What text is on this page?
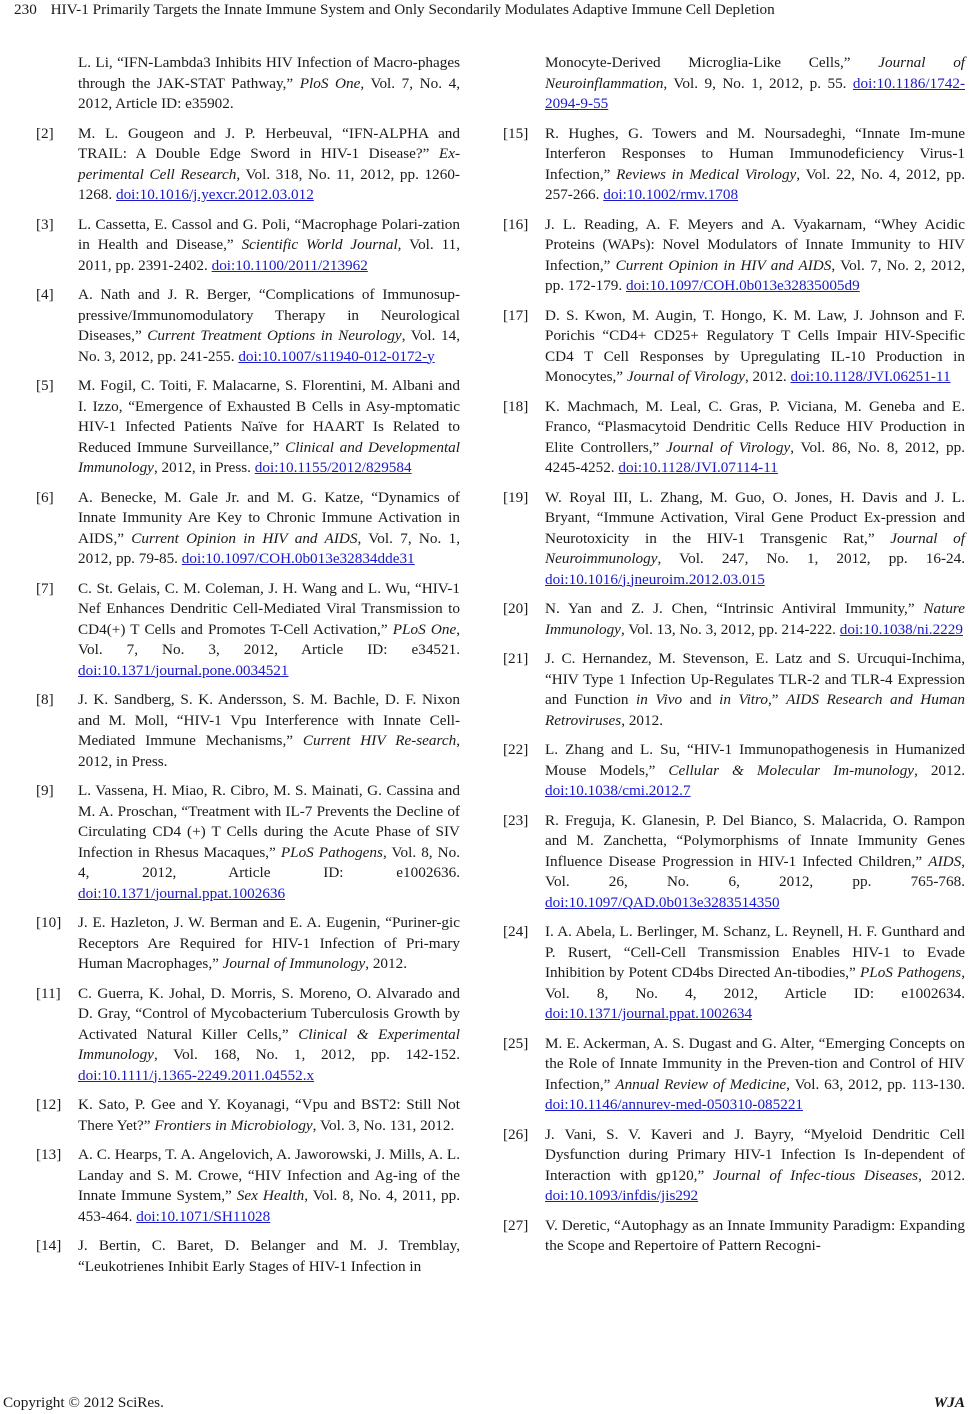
230 HIV-1 Primarily Targets the Innate Immune System and Only Secondarily Modulates Adaptive Immune Cell Depletion
L. Li, “IFN-Lambda3 Inhibits HIV Infection of Macro-phages through the JAK-STAT Pathway,” PloS One, Vol. 7, No. 4, 2012, Article ID: e35902.
[2]	M. L. Gougeon and J. P. Herbeuval, “IFN-ALPHA and TRAIL: A Double Edge Sword in HIV-1 Disease?” Ex-perimental Cell Research, Vol. 318, No. 11, 2012, pp. 1260-1268. doi:10.1016/j.yexcr.2012.03.012
[3]	L. Cassetta, E. Cassol and G. Poli, “Macrophage Polari-zation in Health and Disease,” Scientific World Journal, Vol. 11, 2011, pp. 2391-2402. doi:10.1100/2011/213962
[4]	A. Nath and J. R. Berger, “Complications of Immunosup-pressive/Immunomodulatory Therapy in Neurological Diseases,” Current Treatment Options in Neurology, Vol. 14, No. 3, 2012, pp. 241-255. doi:10.1007/s11940-012-0172-y
[5]	M. Fogil, C. Toiti, F. Malacarne, S. Florentini, M. Albani and I. Izzo, “Emergence of Exhausted B Cells in Asy-mptomatic HIV-1 Infected Patients Naïve for HAART Is Related to Reduced Immune Surveillance,” Clinical and Developmental Immunology, 2012, in Press. doi:10.1155/2012/829584
[6]	A. Benecke, M. Gale Jr. and M. G. Katze, “Dynamics of Innate Immunity Are Key to Chronic Immune Activation in AIDS,” Current Opinion in HIV and AIDS, Vol. 7, No. 1, 2012, pp. 79-85. doi:10.1097/COH.0b013e32834dde31
[7]	C. St. Gelais, C. M. Coleman, J. H. Wang and L. Wu, “HIV-1 Nef Enhances Dendritic Cell-Mediated Viral Transmission to CD4(+) T Cells and Promotes T-Cell Activation,” PLoS One, Vol. 7, No. 3, 2012, Article ID: e34521. doi:10.1371/journal.pone.0034521
[8]	J. K. Sandberg, S. K. Andersson, S. M. Bachle, D. F. Nixon and M. Moll, “HIV-1 Vpu Interference with Innate Cell-Mediated Immune Mechanisms,” Current HIV Re-search, 2012, in Press.
[9]	L. Vassena, H. Miao, R. Cibro, M. S. Mainati, G. Cassina and M. A. Proschan, “Treatment with IL-7 Prevents the Decline of Circulating CD4 (+) T Cells during the Acute Phase of SIV Infection in Rhesus Macaques,” PLoS Pathogens, Vol. 8, No. 4, 2012, Article ID: e1002636. doi:10.1371/journal.ppat.1002636
[10]	J. E. Hazleton, J. W. Berman and E. A. Eugenin, “Puriner-gic Receptors Are Required for HIV-1 Infection of Pri-mary Human Macrophages,” Journal of Immunology, 2012.
[11]	C. Guerra, K. Johal, D. Morris, S. Moreno, O. Alvarado and D. Gray, “Control of Mycobacterium Tuberculosis Growth by Activated Natural Killer Cells,” Clinical & Experimental Immunology, Vol. 168, No. 1, 2012, pp. 142-152. doi:10.1111/j.1365-2249.2011.04552.x
[12]	K. Sato, P. Gee and Y. Koyanagi, “Vpu and BST2: Still Not There Yet?” Frontiers in Microbiology, Vol. 3, No. 131, 2012.
[13]	A. C. Hearps, T. A. Angelovich, A. Jaworowski, J. Mills, A. L. Landay and S. M. Crowe, “HIV Infection and Ag-ing of the Innate Immune System,” Sex Health, Vol. 8, No. 4, 2011, pp. 453-464. doi:10.1071/SH11028
[14]	J. Bertin, C. Baret, D. Belanger and M. J. Tremblay, “Leukotrienes Inhibit Early Stages of HIV-1 Infection in
Monocyte-Derived Microglia-Like Cells,” Journal of Neuroinflammation, Vol. 9, No. 1, 2012, p. 55. doi:10.1186/1742-2094-9-55
[15]	R. Hughes, G. Towers and M. Noursadeghi, “Innate Im-mune Interferon Responses to Human Immunodeficiency Virus-1 Infection,” Reviews in Medical Virology, Vol. 22, No. 4, 2012, pp. 257-266. doi:10.1002/rmv.1708
[16]	J. L. Reading, A. F. Meyers and A. Vyakarnam, “Whey Acidic Proteins (WAPs): Novel Modulators of Innate Immunity to HIV Infection,” Current Opinion in HIV and AIDS, Vol. 7, No. 2, 2012, pp. 172-179. doi:10.1097/COH.0b013e32835005d9
[17]	D. S. Kwon, M. Augin, T. Hongo, K. M. Law, J. Johnson and F. Porichis “CD4+ CD25+ Regulatory T Cells Impair HIV-Specific CD4 T Cell Responses by Upregulating IL-10 Production in Monocytes,” Journal of Virology, 2012. doi:10.1128/JVI.06251-11
[18]	K. Machmach, M. Leal, C. Gras, P. Viciana, M. Geneba and E. Franco, “Plasmacytoid Dendritic Cells Reduce HIV Production in Elite Controllers,” Journal of Virology, Vol. 86, No. 8, 2012, pp. 4245-4252. doi:10.1128/JVI.07114-11
[19]	W. Royal III, L. Zhang, M. Guo, O. Jones, H. Davis and J. L. Bryant, “Immune Activation, Viral Gene Product Ex-pression and Neurotoxicity in the HIV-1 Transgenic Rat,” Journal of Neuroimmunology, Vol. 247, No. 1, 2012, pp. 16-24. doi:10.1016/j.jneuroim.2012.03.015
[20]	N. Yan and Z. J. Chen, “Intrinsic Antiviral Immunity,” Nature Immunology, Vol. 13, No. 3, 2012, pp. 214-222. doi:10.1038/ni.2229
[21]	J. C. Hernandez, M. Stevenson, E. Latz and S. Urcuqui-Inchima, “HIV Type 1 Infection Up-Regulates TLR-2 and TLR-4 Expression and Function in Vivo and in Vitro,” AIDS Research and Human Retroviruses, 2012.
[22]	L. Zhang and L. Su, “HIV-1 Immunopathogenesis in Humanized Mouse Models,” Cellular & Molecular Im-munology, 2012. doi:10.1038/cmi.2012.7
[23]	R. Freguja, K. Glanesin, P. Del Bianco, S. Malacrida, O. Rampon and M. Zanchetta, “Polymorphisms of Innate Immunity Genes Influence Disease Progression in HIV-1 Infected Children,” AIDS, Vol. 26, No. 6, 2012, pp. 765-768. doi:10.1097/QAD.0b013e3283514350
[24]	I. A. Abela, L. Berlinger, M. Schanz, L. Reynell, H. F. Gunthard and P. Rusert, “Cell-Cell Transmission Enables HIV-1 to Evade Inhibition by Potent CD4bs Directed An-tibodies,” PLoS Pathogens, Vol. 8, No. 4, 2012, Article ID: e1002634. doi:10.1371/journal.ppat.1002634
[25]	M. E. Ackerman, A. S. Dugast and G. Alter, “Emerging Concepts on the Role of Innate Immunity in the Preven-tion and Control of HIV Infection,” Annual Review of Medicine, Vol. 63, 2012, pp. 113-130. doi:10.1146/annurev-med-050310-085221
[26]	J. Vani, S. V. Kaveri and J. Bayry, “Myeloid Dendritic Cell Dysfunction during Primary HIV-1 Infection Is In-dependent of Interaction with gp120,” Journal of Infec-tious Diseases, 2012. doi:10.1093/infdis/jis292
[27]	V. Deretic, “Autophagy as an Innate Immunity Paradigm: Expanding the Scope and Repertoire of Pattern Recogni-
Copyright © 2012 SciRes.	WJA
